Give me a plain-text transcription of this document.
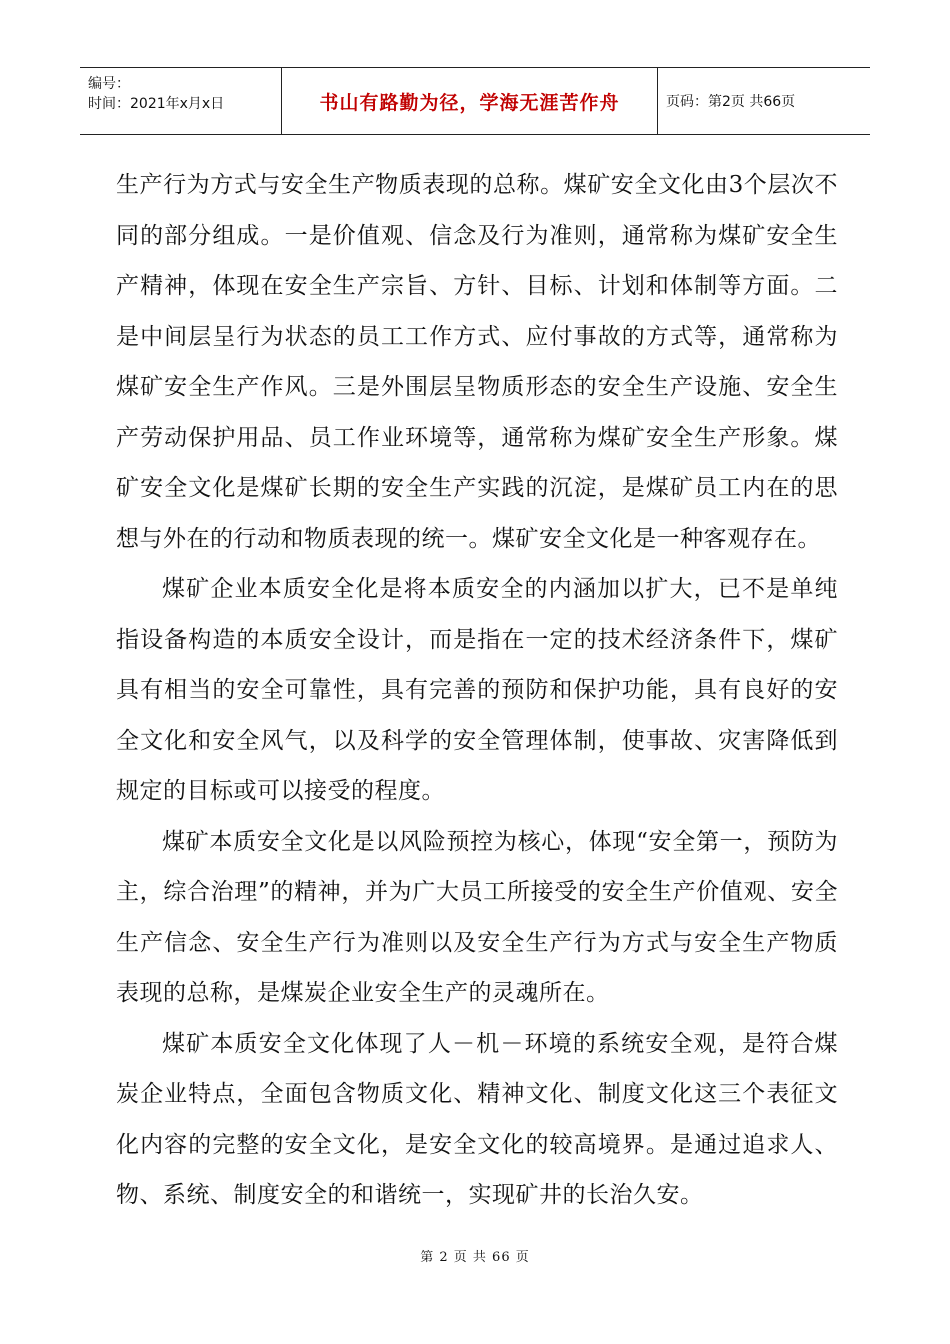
编号：
时间：2021年x月x日	书山有路勤为径，学海无涯苦作舟	页码：第2页 共66页

生产行为方式与安全生产物质表现的总称。煤矿安全文化由3个层次不同的部分组成。一是价值观、信念及行为准则，通常称为煤矿安全生产精神，体现在安全生产宗旨、方针、目标、计划和体制等方面。二是中间层呈行为状态的员工工作方式、应付事故的方式等，通常称为煤矿安全生产作风。三是外围层呈物质形态的安全生产设施、安全生产劳动保护用品、员工作业环境等，通常称为煤矿安全生产形象。煤矿安全文化是煤矿长期的安全生产实践的沉淀，是煤矿员工内在的思想与外在的行动和物质表现的统一。煤矿安全文化是一种客观存在。

煤矿企业本质安全化是将本质安全的内涵加以扩大，已不是单纯指设备构造的本质安全设计，而是指在一定的技术经济条件下，煤矿具有相当的安全可靠性，具有完善的预防和保护功能，具有良好的安全文化和安全风气，以及科学的安全管理体制，使事故、灾害降低到规定的目标或可以接受的程度。

煤矿本质安全文化是以风险预控为核心，体现“安全第一，预防为主，综合治理”的精神，并为广大员工所接受的安全生产价值观、安全生产信念、安全生产行为准则以及安全生产行为方式与安全生产物质表现的总称，是煤炭企业安全生产的灵魂所在。

煤矿本质安全文化体现了人－机－环境的系统安全观，是符合煤炭企业特点，全面包含物质文化、精神文化、制度文化这三个表征文化内容的完整的安全文化，是安全文化的较高境界。是通过追求人、物、系统、制度安全的和谐统一，实现矿井的长治久安。

第 2 页 共 66 页
